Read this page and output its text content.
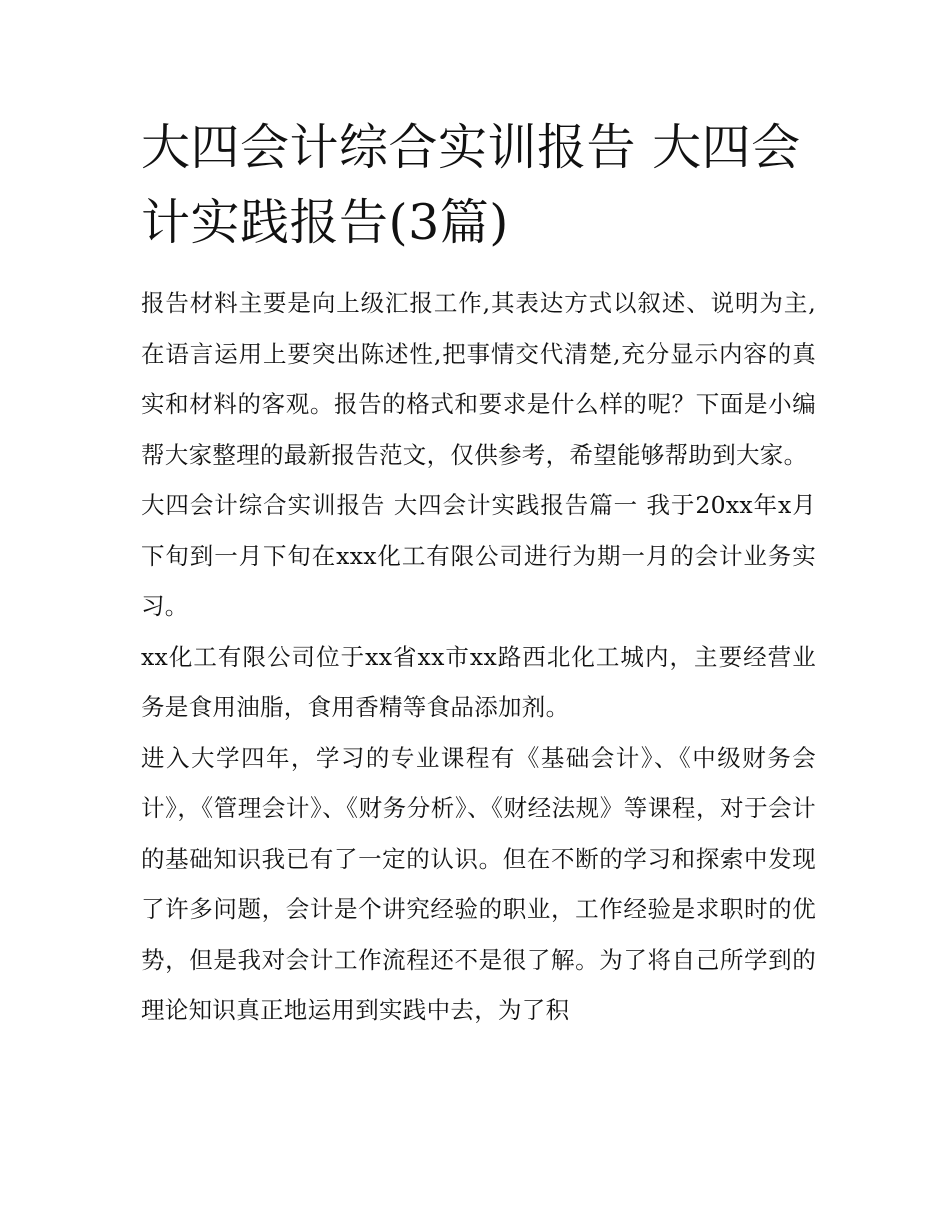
大四会计综合实训报告 大四会计实践报告(3篇)

报告材料主要是向上级汇报工作,其表达方式以叙述、说明为主,在语言运用上要突出陈述性,把事情交代清楚,充分显示内容的真实和材料的客观。报告的格式和要求是什么样的呢？下面是小编帮大家整理的最新报告范文，仅供参考，希望能够帮助到大家。

大四会计综合实训报告 大四会计实践报告篇一 我于20xx年x月下旬到一月下旬在xxx化工有限公司进行为期一月的会计业务实习。

xx化工有限公司位于xx省xx市xx路西北化工城内，主要经营业务是食用油脂，食用香精等食品添加剂。

进入大学四年，学习的专业课程有《基础会计》、《中级财务会计》，《管理会计》、《财务分析》、《财经法规》等课程，对于会计的基础知识我已有了一定的认识。但在不断的学习和探索中发现了许多问题，会计是个讲究经验的职业，工作经验是求职时的优势，但是我对会计工作流程还不是很了解。为了将自己所学到的理论知识真正地运用到实践中去，为了积
